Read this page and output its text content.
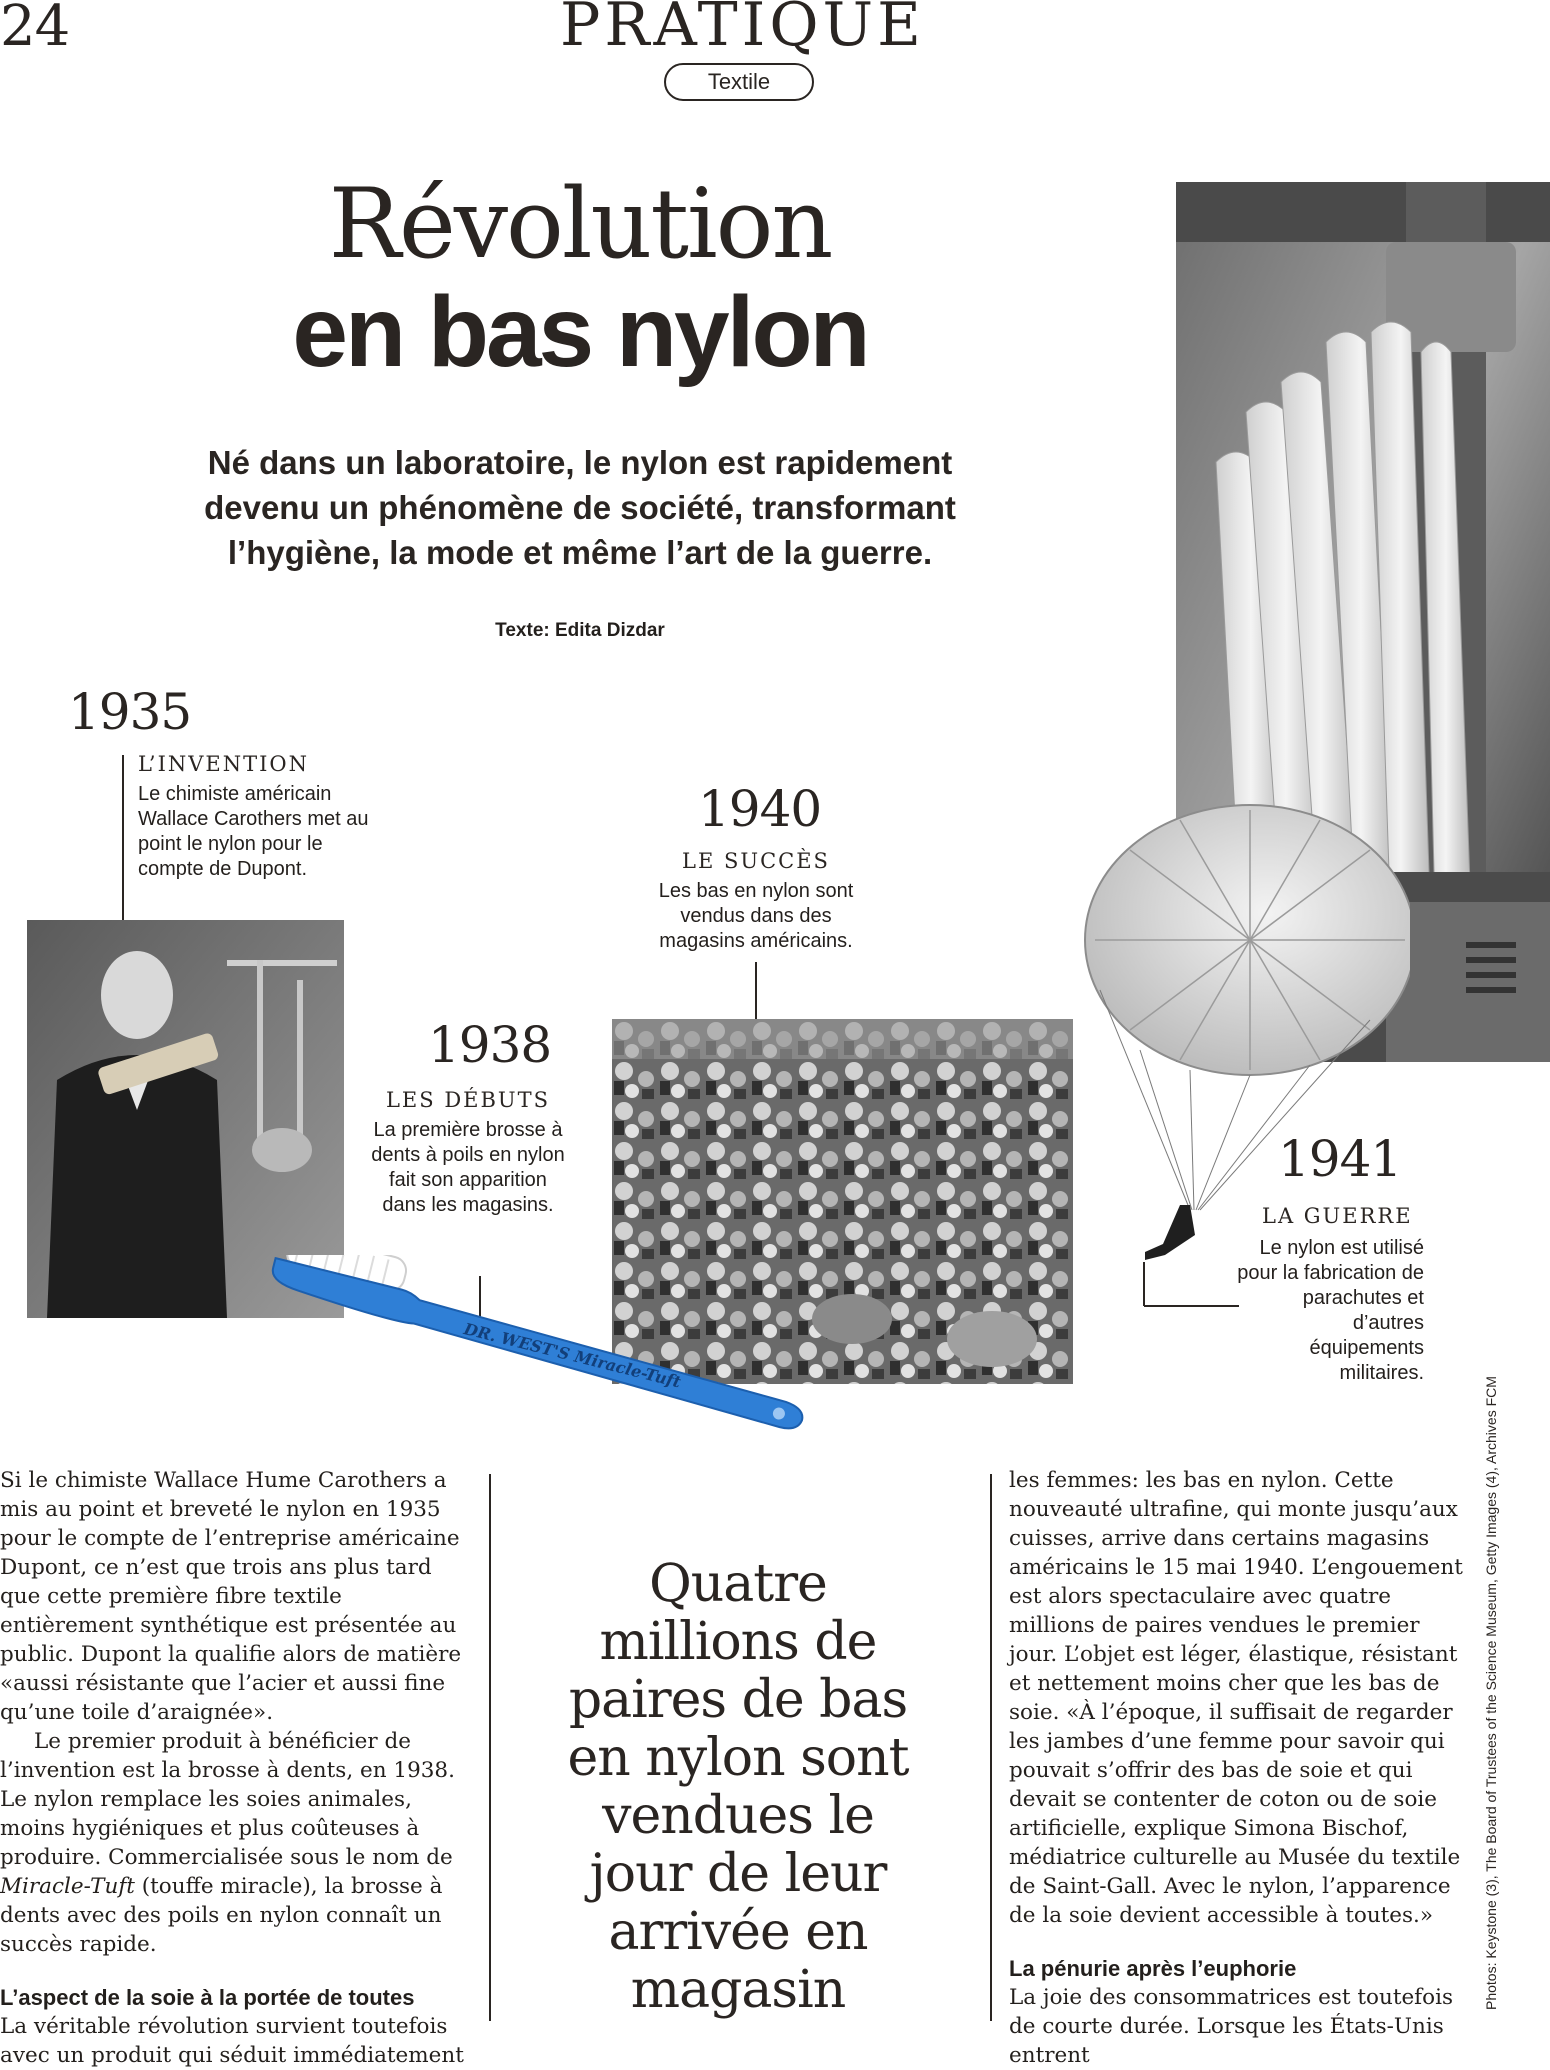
24	PRATIQUE
Textile
Révolution
en bas nylon
Né dans un laboratoire, le nylon est rapidement devenu un phénomène de société, transformant l’hygiène, la mode et même l’art de la guerre.
Texte: Edita Dizdar
1935
L’INVENTION
Le chimiste américain Wallace Carothers met au point le nylon pour le compte de Dupont.
1938
LES DÉBUTS
La première brosse à dents à poils en nylon fait son apparition dans les magasins.
1940
LE SUCCÈS
Les bas en nylon sont vendus dans des magasins américains.
DR. WEST'S Miracle-Tuft
1941
LA GUERRE
Le nylon est utilisé pour la fabrication de parachutes et d’autres équipements militaires.

Si le chimiste Wallace Hume Carothers a mis au point et breveté le nylon en 1935 pour le compte de l’entreprise américaine Dupont, ce n’est que trois ans plus tard que cette première fibre textile entièrement synthétique est présentée au public. Dupont la qualifie alors de matière «aussi résistante que l’acier et aussi fine qu’une toile d’araignée».

Le premier produit à bénéficier de l’invention est la brosse à dents, en 1938. Le nylon remplace les soies animales, moins hygiéniques et plus coûteuses à produire. Commercialisée sous le nom de Miracle-Tuft (touffe miracle), la brosse à dents avec des poils en nylon connaît un succès rapide.

L’aspect de la soie à la portée de toutes

La véritable révolution survient toutefois avec un produit qui séduit immédiatement

Quatre millions de paires de bas en nylon sont vendues le jour de leur arrivée en magasin

les femmes: les bas en nylon. Cette nouveauté ultrafine, qui monte jusqu’aux cuisses, arrive dans certains magasins américains le 15 mai 1940. L’engouement est alors spectaculaire avec quatre millions de paires vendues le premier jour. L’objet est léger, élastique, résistant et nettement moins cher que les bas de soie. «À l’époque, il suffisait de regarder les jambes d’une femme pour savoir qui pouvait s’offrir des bas de soie et qui devait se contenter de coton ou de soie artificielle, explique Simona Bischof, médiatrice culturelle au Musée du textile de Saint-Gall. Avec le nylon, l’apparence de la soie devient accessible à toutes.»

La pénurie après l’euphorie

La joie des consommatrices est toutefois de courte durée. Lorsque les États-Unis entrent

Photos: Keystone (3), The Board of Trustees of the Science Museum, Getty Images (4), Archives FCM
